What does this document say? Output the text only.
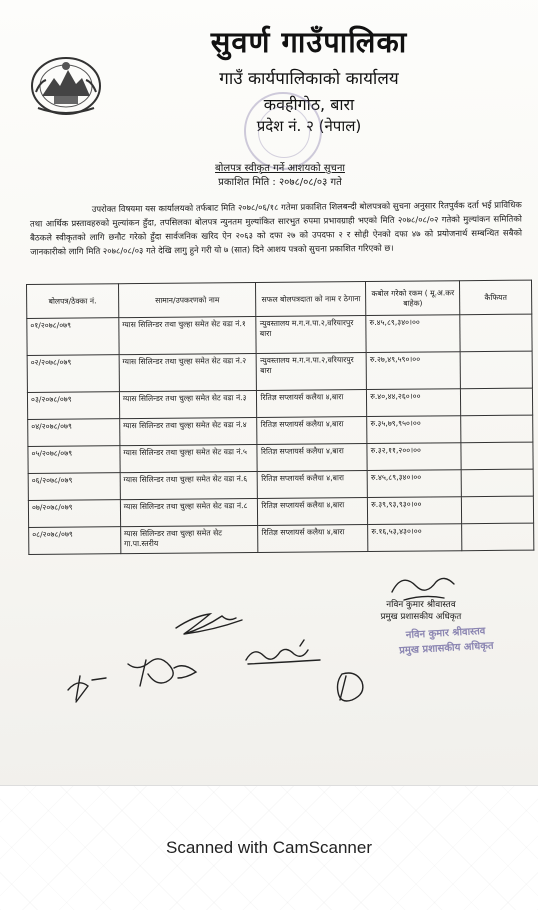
सुवर्ण गाउँपालिका
गाउँ कार्यपालिकाको कार्यालय
कवहीगोठ, बारा
प्रदेश नं. २ (नेपाल)
बोलपत्र स्वीकृत गर्ने आशयको सुचना
प्रकाशित मिति : २०७८/०८/०३ गते

उपरोक्त विषयमा यस कार्यालयको तर्फबाट मिति २०७८/०६/१८ गतेमा प्रकाशित शिलबन्दी बोलपत्रको सुचना अनुसार रितपुर्वक दर्ता भई प्राविधिक तथा आर्थिक प्रस्तावहरुको मुल्यांकन हुँदा, तपसिलका बोलपत्र न्युनतम मुल्यांकित सारभुत रुपमा प्रभावग्राही भएको मिति २०७८/०८/०२ गतेको मुल्यांकन समितिको बैठकले स्वीकृतको लागि छनौट गरेको हुँदा सार्वजनिक खरिद ऐन २०६३ को दफा २७ को उपदफा २ र सोही ऐनको दफा ४७ को प्रयोजनार्थ सम्बन्धित सबैको जानकारीको लागि मिति २०७८/०८/०३ गते देखि लागु हुने गरी यो ७ (सात) दिने आशय पत्रको सुचना प्रकाशित गरिएको छ।

बोलपत्र/ठेक्का नं.	सामान/उपकरणको नाम	सफल बोलपत्रदाता को नाम र ठेगाना	कबोल गरेको रकम ( मू.अ.कर बाहेक)	कैफियत
०१/२०७८/०७९	ग्यास सिलिन्डर तथा चुल्हा समेत सेट वडा नं.१	न्युवस्तालय म.ग.न.पा.२,वरियारपुर बारा	रु.४५,८९,३४०।००	
०२/२०७८/०७९	ग्यास सिलिन्डर तथा चुल्हा समेत सेट वडा नं.२	न्युवस्तालय म.ग.न.पा.२,वरियारपुर बारा	रु.२७,४९,५९०।००	
०३/२०७८/०७९	ग्यास सिलिन्डर तथा चुल्हा समेत सेट वडा नं.३	रितिज्ञ सप्लायर्स कलैया ४,बारा	रु.४०,४४,२६०।००	
०४/२०७८/०७९	ग्यास सिलिन्डर तथा चुल्हा समेत सेट वडा नं.४	रितिज्ञ सप्लायर्स कलैया ४,बारा	रु.३५,७९,९५०।००	
०५/२०७८/०७९	ग्यास सिलिन्डर तथा चुल्हा समेत सेट वडा नं.५	रितिज्ञ सप्लायर्स कलैया ४,बारा	रु.३२,११,२००।००	
०६/२०७८/०७९	ग्यास सिलिन्डर तथा चुल्हा समेत सेट वडा नं.६	रितिज्ञ सप्लायर्स कलैया ४,बारा	रु.४५,८९,३४०।००	
०७/२०७८/०७९	ग्यास सिलिन्डर तथा चुल्हा समेत सेट वडा नं.८	रितिज्ञ सप्लायर्स कलैया ४,बारा	रु.३९,९३,९३०।००	
०८/२०७८/०७९	ग्यास सिलिन्डर तथा चुल्हा समेत सेट गा.पा.स्तरीय	रितिज्ञ सप्लायर्स कलैया ४,बारा	रु.१६,५३,४३०।००	
नविन कुमार श्रीवास्तव
प्रमुख प्रशासकीय अधिकृत
नविन कुमार श्रीवास्तव
प्रमुख प्रशासकीय अधिकृत
Scanned with CamScanner
